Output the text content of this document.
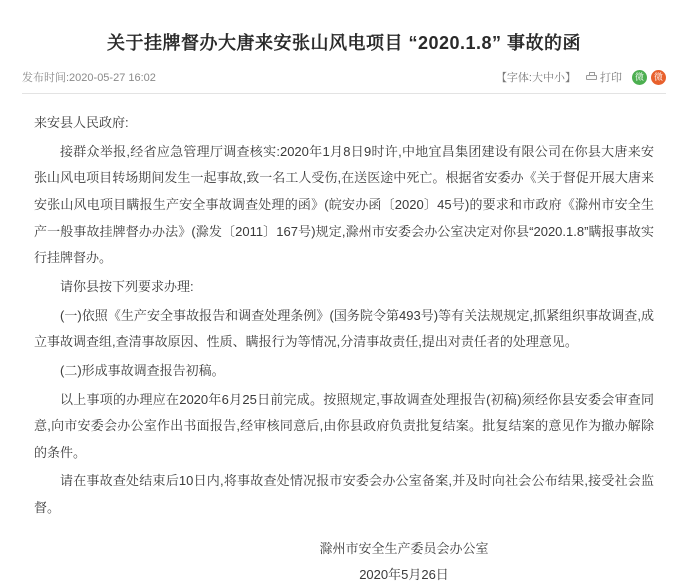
关于挂牌督办大唐来安张山风电项目 “2020.1.8” 事故的函
发布时间:2020-05-27 16:02	【字体:大中小】 打印	微	微

来安县人民政府:

接群众举报,经省应急管理厅调查核实:2020年1月8日9时许,中地宜昌集团建设有限公司在你县大唐来安张山风电项目转场期间发生一起事故,致一名工人受伤,在送医途中死亡。根据省安委办《关于督促开展大唐来安张山风电项目瞒报生产安全事故调查处理的函》(皖安办函〔2020〕45号)的要求和市政府《滁州市安全生产一般事故挂牌督办办法》(滁发〔2011〕167号)规定,滁州市安委会办公室决定对你县“2020.1.8”瞒报事故实行挂牌督办。

请你县按下列要求办理:

(一)依照《生产安全事故报告和调查处理条例》(国务院令第493号)等有关法规规定,抓紧组织事故调查,成立事故调查组,查清事故原因、性质、瞒报行为等情况,分清事故责任,提出对责任者的处理意见。

(二)形成事故调查报告初稿。

以上事项的办理应在2020年6月25日前完成。按照规定,事故调查处理报告(初稿)须经你县安委会审查同意,向市安委会办公室作出书面报告,经审核同意后,由你县政府负责批复结案。批复结案的意见作为撤办解除的条件。

请在事故查处结束后10日内,将事故查处情况报市安委会办公室备案,并及时向社会公布结果,接受社会监督。

滁州市安全生产委员会办公室
2020年5月26日
